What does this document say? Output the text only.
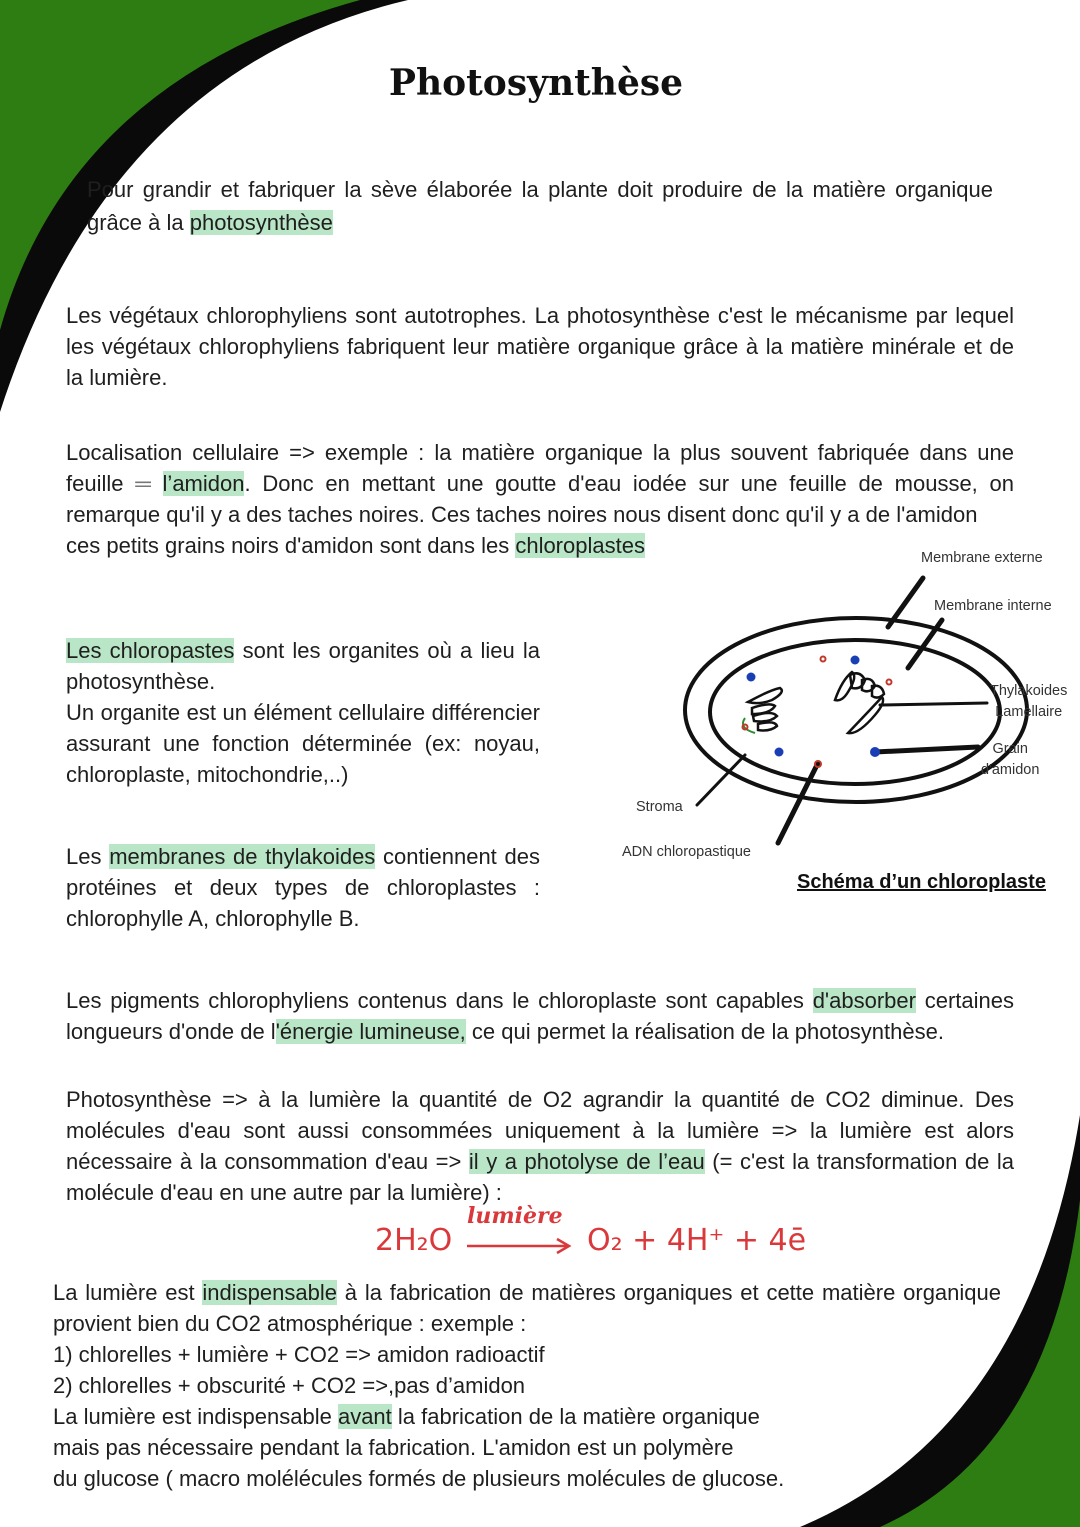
Photosynthèse
Pour grandir et fabriquer la sève élaborée la plante doit produire de la matière organique grâce à la photosynthèse
Les végétaux chlorophyliens sont autotrophes. La photosynthèse c'est le mécanisme par lequel les végétaux chlorophyliens fabriquent leur matière organique grâce à la matière minérale et de la lumière.
Localisation cellulaire => exemple : la matière organique la plus souvent fabriquée dans une feuille ═ l’amidon. Donc en mettant une goutte d'eau iodée sur une feuille de mousse, on remarque qu'il y a des taches noires. Ces taches noires nous disent donc qu'il y a de l'amidon
ces petits grains noirs d'amidon sont dans les chloroplastes
Les chloropastes sont les organites où a lieu la photosynthèse.
Un organite est un élément cellulaire différencier assurant une fonction déterminée (ex: noyau, chloroplaste, mitochondrie,..)
Les membranes de thylakoides contiennent des protéines et deux types de chloroplastes : chlorophylle A, chlorophylle B.
Membrane externe
Membrane interne
Thylakoides
Lamellaire
Grain
d'amidon
Stroma
ADN chloropastique
Schéma d’un chloroplaste
Les pigments chlorophyliens contenus dans le chloroplaste sont capables d'absorber certaines longueurs d'onde de l'énergie lumineuse, ce qui permet la réalisation de la photosynthèse.
Photosynthèse => à la lumière la quantité de O2 agrandir la quantité de CO2 diminue. Des molécules d'eau sont aussi consommées uniquement à la lumière => la lumière est alors nécessaire à la consommation d'eau => il y a photolyse de l’eau (= c'est la transformation de la molécule d'eau en une autre par la lumière) :
2H₂O
lumière
O₂ + 4H⁺ + 4ē
La lumière est indispensable à la fabrication de matières organiques et cette matière organique provient bien du CO2 atmosphérique : exemple :
1) chlorelles + lumière + CO2 => amidon radioactif
2) chlorelles + obscurité + CO2 =>,pas d’amidon
La lumière est indispensable avant la fabrication de la matière organique
mais pas nécessaire pendant la fabrication. L'amidon est un polymère
du glucose ( macro molélécules formés de plusieurs molécules de glucose.
